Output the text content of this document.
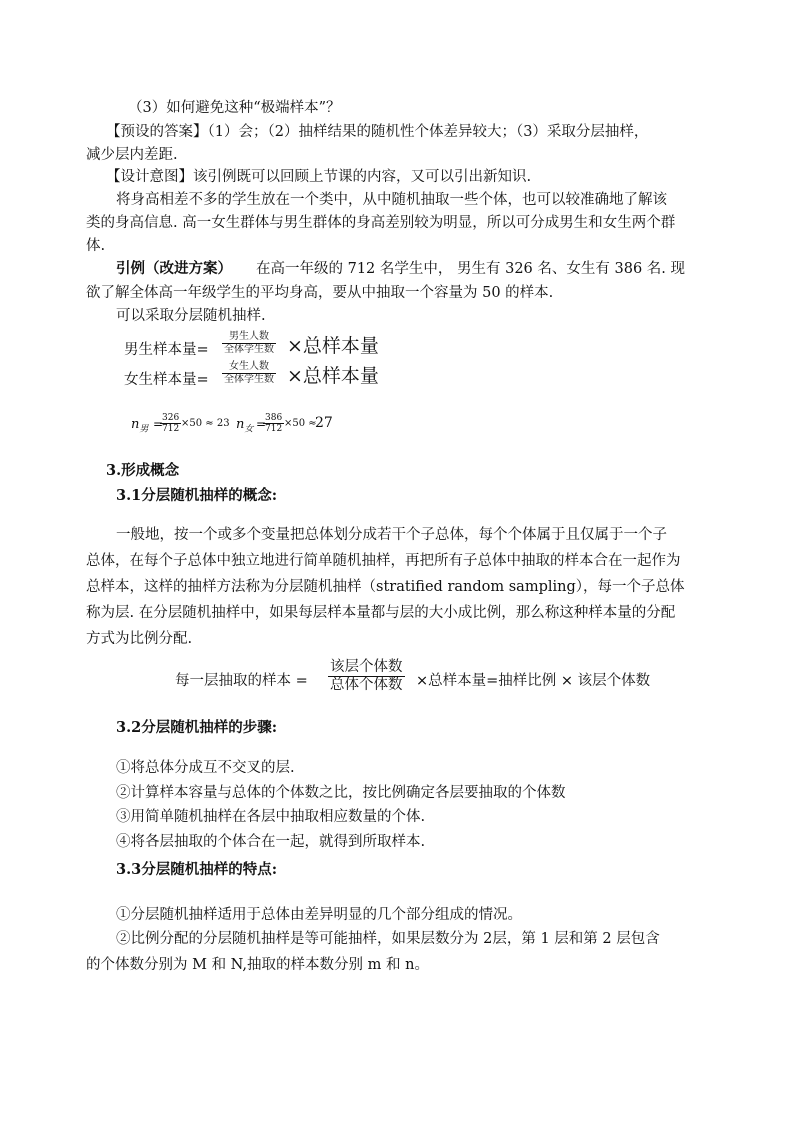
（3）如何避免这种“极端样本”？
【预设的答案】（1）会；（2）抽样结果的随机性个体差异较大；（3）采取分层抽样，
减少层内差距.
【设计意图】该引例既可以回顾上节课的内容，又可以引出新知识.
将身高相差不多的学生放在一个类中，从中随机抽取一些个体，也可以较准确地了解该
类的身高信息. 高一女生群体与男生群体的身高差别较为明显，所以可分成男生和女生两个群
体.
引例（改进方案） 在高一年级的 712 名学生中， 男生有 326 名、女生有 386 名. 现
欲了解全体高一年级学生的平均身高，要从中抽取一个容量为 50 的样本.
可以采取分层随机抽样.
男生样本量=
男生人数
全体学生数 ×总样本量
女生样本量=
女生人数
全体学生数 ×总样本量
$n_男$ =
326
712 ×50 ≈ 23 $n_女$ =
386
712 ×50 ≈
27
3.形成概念
3.1分层随机抽样的概念:
一般地，按一个或多个变量把总体划分成若干个子总体，每个个体属于且仅属于一个子
总体，在每个子总体中独立地进行简单随机抽样，再把所有子总体中抽取的样本合在一起作为
总样本，这样的抽样方法称为分层随机抽样（stratified random sampling），每一个子总体
称为层. 在分层随机抽样中，如果每层样本量都与层的大小成比例，那么称这种样本量的分配
方式为比例分配.
每一层抽取的样本 =
该层个体数
总体个体数 ×总样本量=抽样比例 × 该层个体数
3.2分层随机抽样的步骤:
①将总体分成互不交叉的层.
②计算样本容量与总体的个体数之比，按比例确定各层要抽取的个体数
③用简单随机抽样在各层中抽取相应数量的个体.
④将各层抽取的个体合在一起，就得到所取样本.
3.3分层随机抽样的特点:
①分层随机抽样适用于总体由差异明显的几个部分组成的情况。
②比例分配的分层随机抽样是等可能抽样，如果层数分为 2层，第 1 层和第 2 层包含
的个体数分别为 M 和 N,抽取的样本数分别 m 和 n。
